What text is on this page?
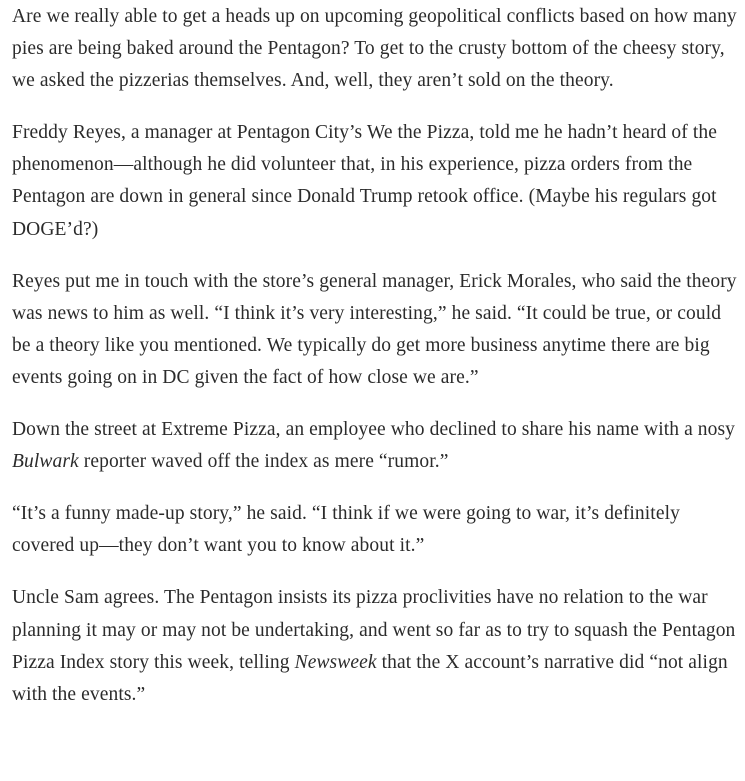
Are we really able to get a heads up on upcoming geopolitical conflicts based on how many pies are being baked around the Pentagon? To get to the crusty bottom of the cheesy story, we asked the pizzerias themselves. And, well, they aren’t sold on the theory.

Freddy Reyes, a manager at Pentagon City’s We the Pizza, told me he hadn’t heard of the phenomenon—although he did volunteer that, in his experience, pizza orders from the Pentagon are down in general since Donald Trump retook office. (Maybe his regulars got DOGE’d?)

Reyes put me in touch with the store’s general manager, Erick Morales, who said the theory was news to him as well. “I think it’s very interesting,” he said. “It could be true, or could be a theory like you mentioned. We typically do get more business anytime there are big events going on in DC given the fact of how close we are.”

Down the street at Extreme Pizza, an employee who declined to share his name with a nosy Bulwark reporter waved off the index as mere “rumor.”

“It’s a funny made-up story,” he said. “I think if we were going to war, it’s definitely covered up—they don’t want you to know about it.”

Uncle Sam agrees. The Pentagon insists its pizza proclivities have no relation to the war planning it may or may not be undertaking, and went so far as to try to squash the Pentagon Pizza Index story this week, telling Newsweek that the X account’s narrative did “not align with the events.”
